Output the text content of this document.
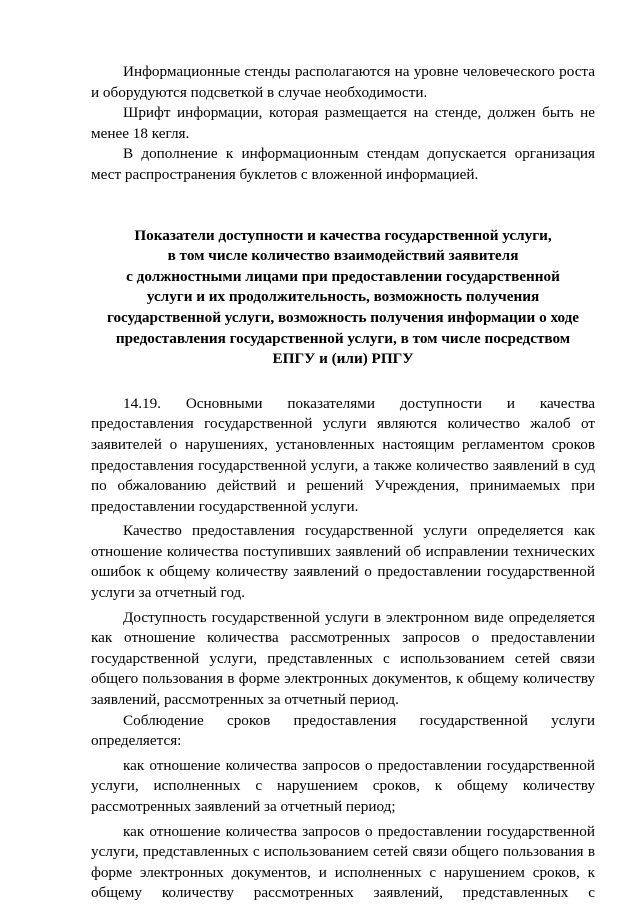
Информационные стенды располагаются на уровне человеческого роста и оборудуются подсветкой в случае необходимости.

Шрифт информации, которая размещается на стенде, должен быть не менее 18 кегля.

В дополнение к информационным стендам допускается организация мест распространения буклетов с вложенной информацией.

Показатели доступности и качества государственной услуги,
в том числе количество взаимодействий заявителя
с должностными лицами при предоставлении государственной
услуги и их продолжительность, возможность получения
государственной услуги, возможность получения информации о ходе
предоставления государственной услуги, в том числе посредством
ЕПГУ и (или) РПГУ

14.19. Основными показателями доступности и качества предоставления государственной услуги являются количество жалоб от заявителей о нарушениях, установленных настоящим регламентом сроков предоставления государственной услуги, а также количество заявлений в суд по обжалованию действий и решений Учреждения, принимаемых при предоставлении государственной услуги.

Качество предоставления государственной услуги определяется как отношение количества поступивших заявлений об исправлении технических ошибок к общему количеству заявлений о предоставлении государственной услуги за отчетный год.

Доступность государственной услуги в электронном виде определяется как отношение количества рассмотренных запросов о предоставлении государственной услуги, представленных с использованием сетей связи общего пользования в форме электронных документов, к общему количеству заявлений, рассмотренных за отчетный период.

Соблюдение сроков предоставления государственной услуги определяется:

как отношение количества запросов о предоставлении государственной услуги, исполненных с нарушением сроков, к общему количеству рассмотренных заявлений за отчетный период;

как отношение количества запросов о предоставлении государственной услуги, представленных с использованием сетей связи общего пользования в форме электронных документов, и исполненных с нарушением сроков, к общему количеству рассмотренных заявлений, представленных с
